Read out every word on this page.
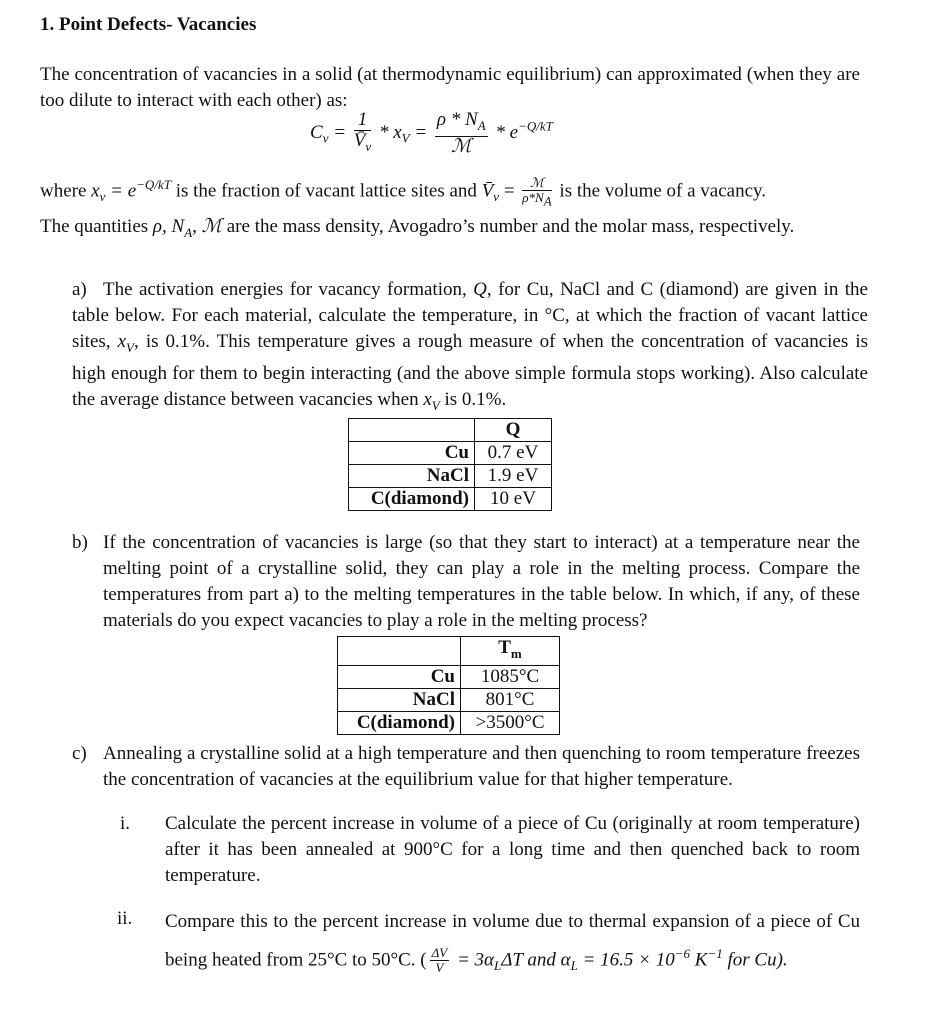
1. Point Defects- Vacancies
The concentration of vacancies in a solid (at thermodynamic equilibrium) can approximated (when they are too dilute to interact with each other) as:
$C_v = \frac{1}{V̄_v} * x_V = \frac{\rho * N_A}{\text{ℳ}} * e^{-Q/kT}$
where $x_v = e^{-Q/kT}$ is the fraction of vacant lattice sites and $V̄_v = \frac{\text{ℳ}}{\rho*N_A}$ is the volume of a vacancy.
The quantities ρ, $N_A$, ℳ are the mass density, Avogadro’s number and the molar mass, respectively.
a) The activation energies for vacancy formation, Q, for Cu, NaCl and C (diamond) are given in the table below. For each material, calculate the temperature, in °C, at which the fraction of vacant lattice sites, $x_V$, is 0.1%. This temperature gives a rough measure of when the concentration of vacancies is high enough for them to begin interacting (and the above simple formula stops working). Also calculate the average distance between vacancies when $x_V$ is 0.1%.
	Q
Cu	0.7 eV
NaCl	1.9 eV
C(diamond)	10 eV
b) If the concentration of vacancies is large (so that they start to interact) at a temperature near the melting point of a crystalline solid, they can play a role in the melting process. Compare the temperatures from part a) to the melting temperatures in the table below. In which, if any, of these materials do you expect vacancies to play a role in the melting process?
	$T_m$
Cu	1085°C
NaCl	801°C
C(diamond)	>3500°C
c) Annealing a crystalline solid at a high temperature and then quenching to room temperature freezes the concentration of vacancies at the equilibrium value for that higher temperature.
i. Calculate the percent increase in volume of a piece of Cu (originally at room temperature) after it has been annealed at 900°C for a long time and then quenched back to room temperature.
ii. Compare this to the percent increase in volume due to thermal expansion of a piece of Cu being heated from 25°C to 50°C. ( $\frac{\Delta V}{V} = 3\alpha_L\Delta T$ and $\alpha_L = 16.5 \times 10^{-6}$ $K^{-1}$ for Cu).
